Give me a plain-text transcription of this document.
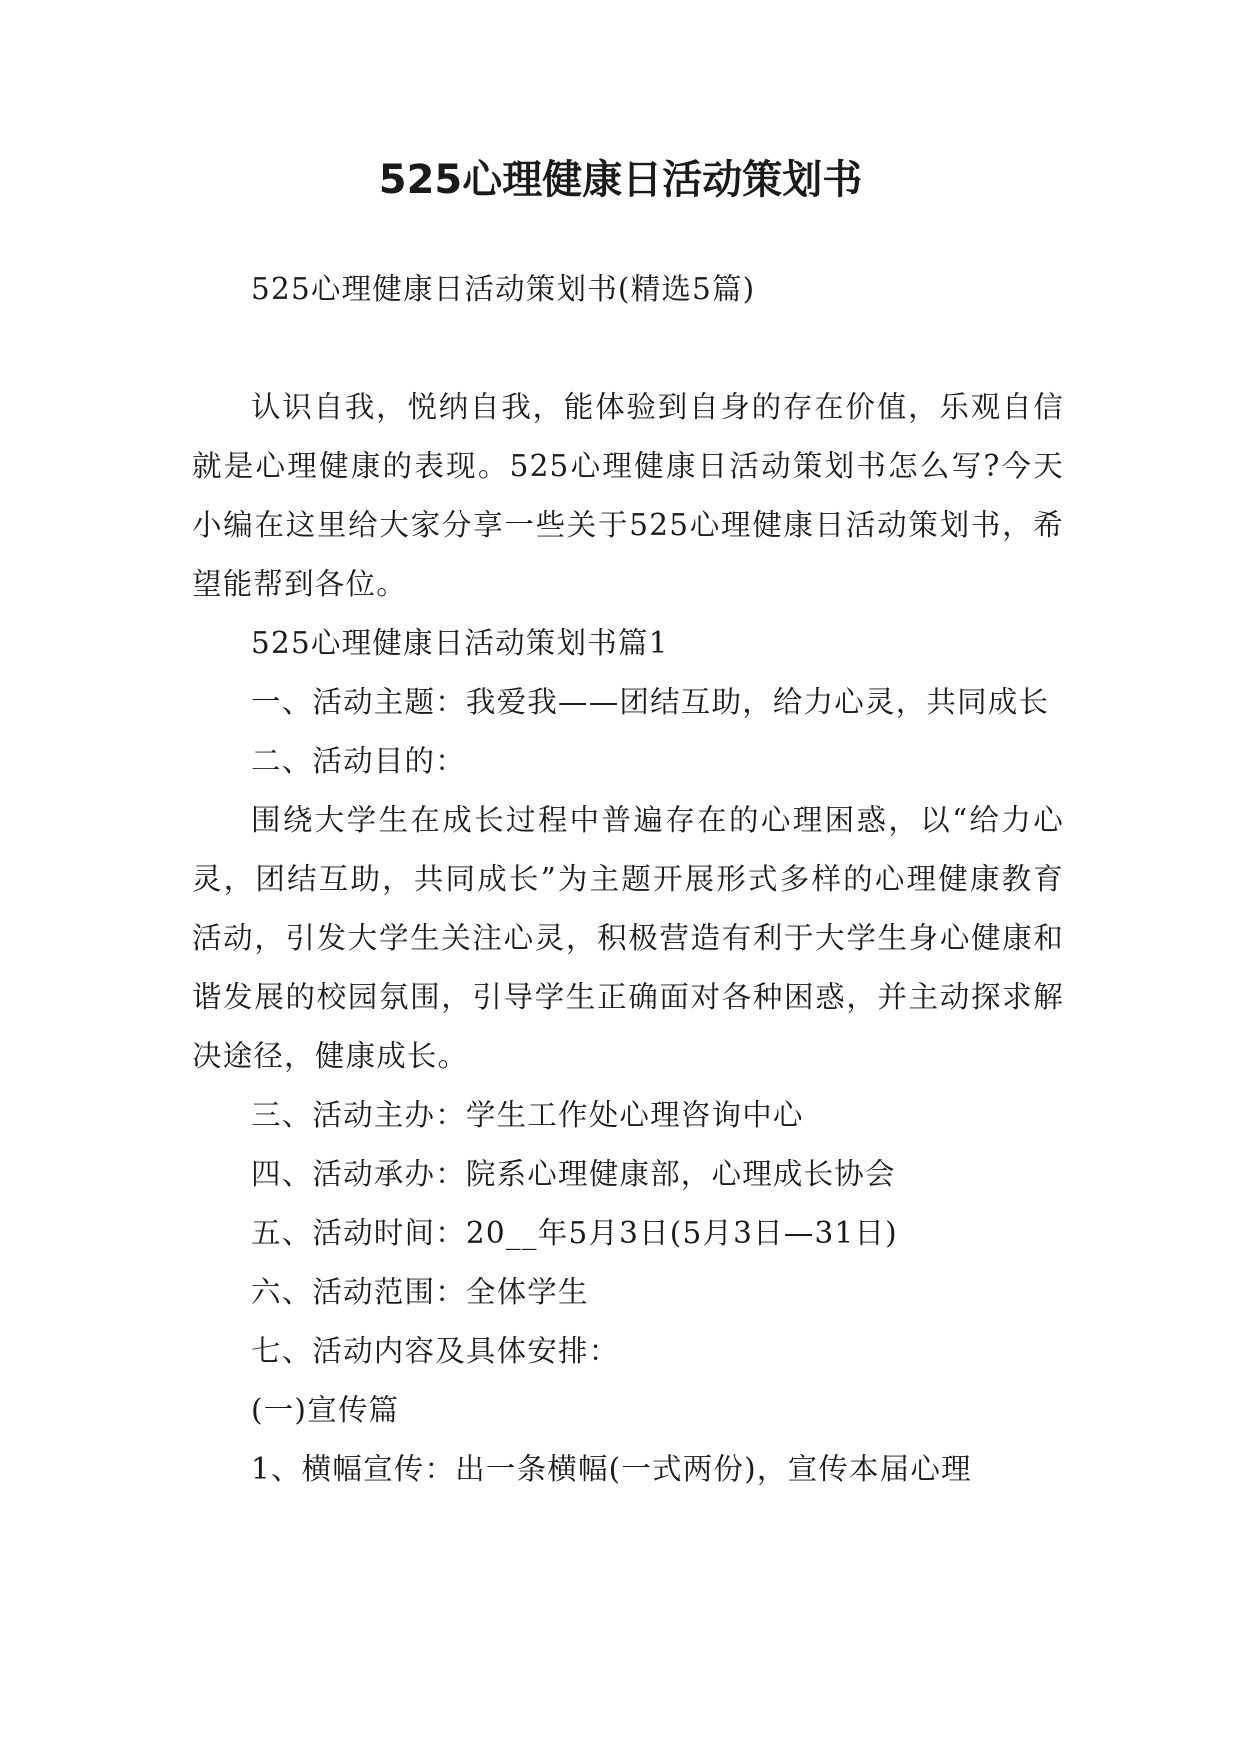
525心理健康日活动策划书

525心理健康日活动策划书(精选5篇)

认识自我，悦纳自我，能体验到自身的存在价值，乐观自信就是心理健康的表现。525心理健康日活动策划书怎么写?今天小编在这里给大家分享一些关于525心理健康日活动策划书，希望能帮到各位。

525心理健康日活动策划书篇1

一、活动主题：我爱我——团结互助，给力心灵，共同成长

二、活动目的：

围绕大学生在成长过程中普遍存在的心理困惑，以“给力心灵，团结互助，共同成长”为主题开展形式多样的心理健康教育活动，引发大学生关注心灵，积极营造有利于大学生身心健康和谐发展的校园氛围，引导学生正确面对各种困惑，并主动探求解决途径，健康成长。

三、活动主办：学生工作处心理咨询中心

四、活动承办：院系心理健康部，心理成长协会

五、活动时间：20__年5月3日(5月3日—31日)

六、活动范围：全体学生

七、活动内容及具体安排：

(一)宣传篇

1、横幅宣传：出一条横幅(一式两份)，宣传本届心理
